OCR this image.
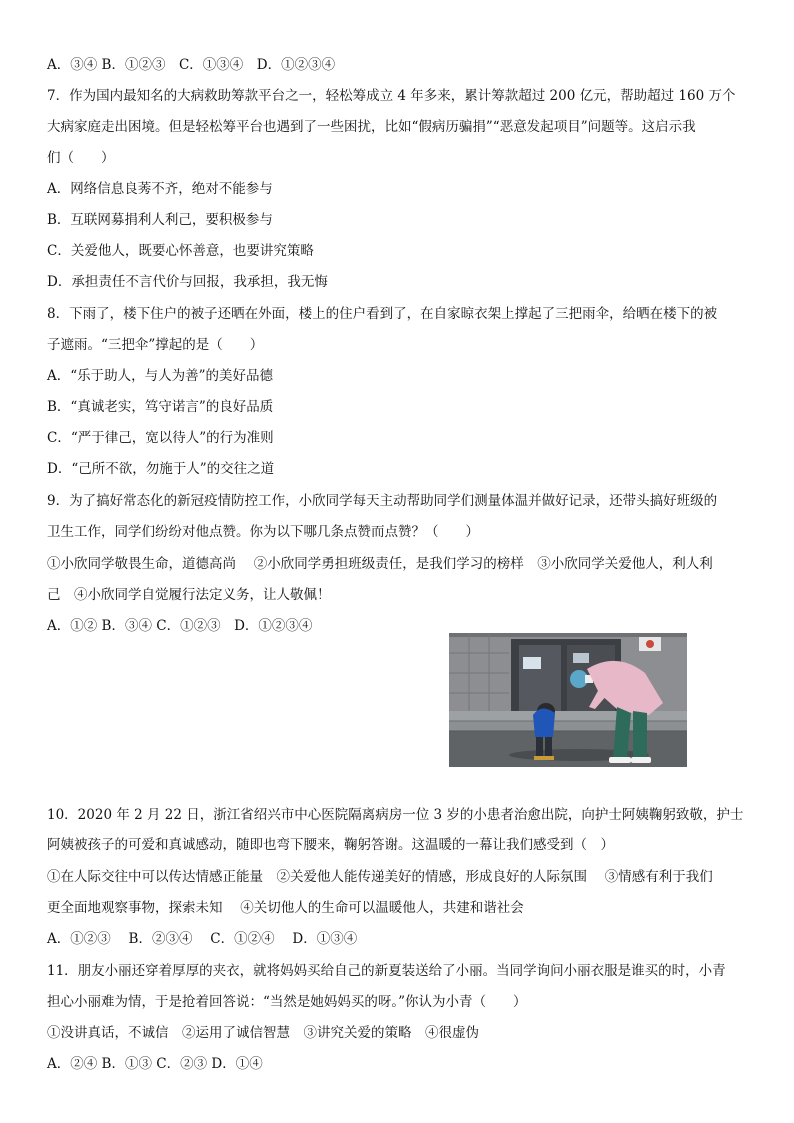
A．③④ B．①②③　C．①③④　D．①②③④
7．作为国内最知名的大病救助筹款平台之一，轻松筹成立 4 年多来，累计筹款超过 200 亿元，帮助超过 160 万个
大病家庭走出困境。但是轻松筹平台也遇到了一些困扰，比如“假病历骗捐”“恶意发起项目”问题等。这启示我
们（　　）
A．网络信息良莠不齐，绝对不能参与
B．互联网募捐利人利己，要积极参与
C．关爱他人，既要心怀善意，也要讲究策略
D．承担责任不言代价与回报，我承担，我无悔
8．下雨了，楼下住户的被子还晒在外面，楼上的住户看到了，在自家晾衣架上撑起了三把雨伞，给晒在楼下的被
子遮雨。“三把伞”撑起的是（　　）
A．“乐于助人，与人为善”的美好品德
B．“真诚老实，笃守诺言”的良好品质
C．“严于律己，宽以待人”的行为准则
D．“己所不欲，勿施于人”的交往之道
9．为了搞好常态化的新冠疫情防控工作，小欣同学每天主动帮助同学们测量体温并做好记录，还带头搞好班级的
卫生工作，同学们纷纷对他点赞。你为以下哪几条点赞而点赞？（　　）
①小欣同学敬畏生命，道德高尚　 ②小欣同学勇担班级责任，是我们学习的榜样　③小欣同学关爱他人，利人利
己　④小欣同学自觉履行法定义务，让人敬佩！
A．①② B．③④ C．①②③　D．①②③④
10．2020 年 2 月 22 日，浙江省绍兴市中心医院隔离病房一位 3 岁的小患者治愈出院，向护士阿姨鞠躬致敬，护士
阿姨被孩子的可爱和真诚感动，随即也弯下腰来，鞠躬答谢。这温暖的一幕让我们感受到（　）
①在人际交往中可以传达情感正能量　②关爱他人能传递美好的情感，形成良好的人际氛围　 ③情感有利于我们
更全面地观察事物，探索未知　 ④关切他人的生命可以温暖他人，共建和谐社会
A．①②③　 B．②③④　 C．①②④　 D．①③④
11．朋友小丽还穿着厚厚的夹衣，就将妈妈买给自己的新夏装送给了小丽。当同学询问小丽衣服是谁买的时，小青
担心小丽难为情，于是抢着回答说：“当然是她妈妈买的呀。”你认为小青（　　）
①没讲真话，不诚信　②运用了诚信智慧　③讲究关爱的策略　④很虚伪
A．②④ B．①③ C．②③ D．①④
